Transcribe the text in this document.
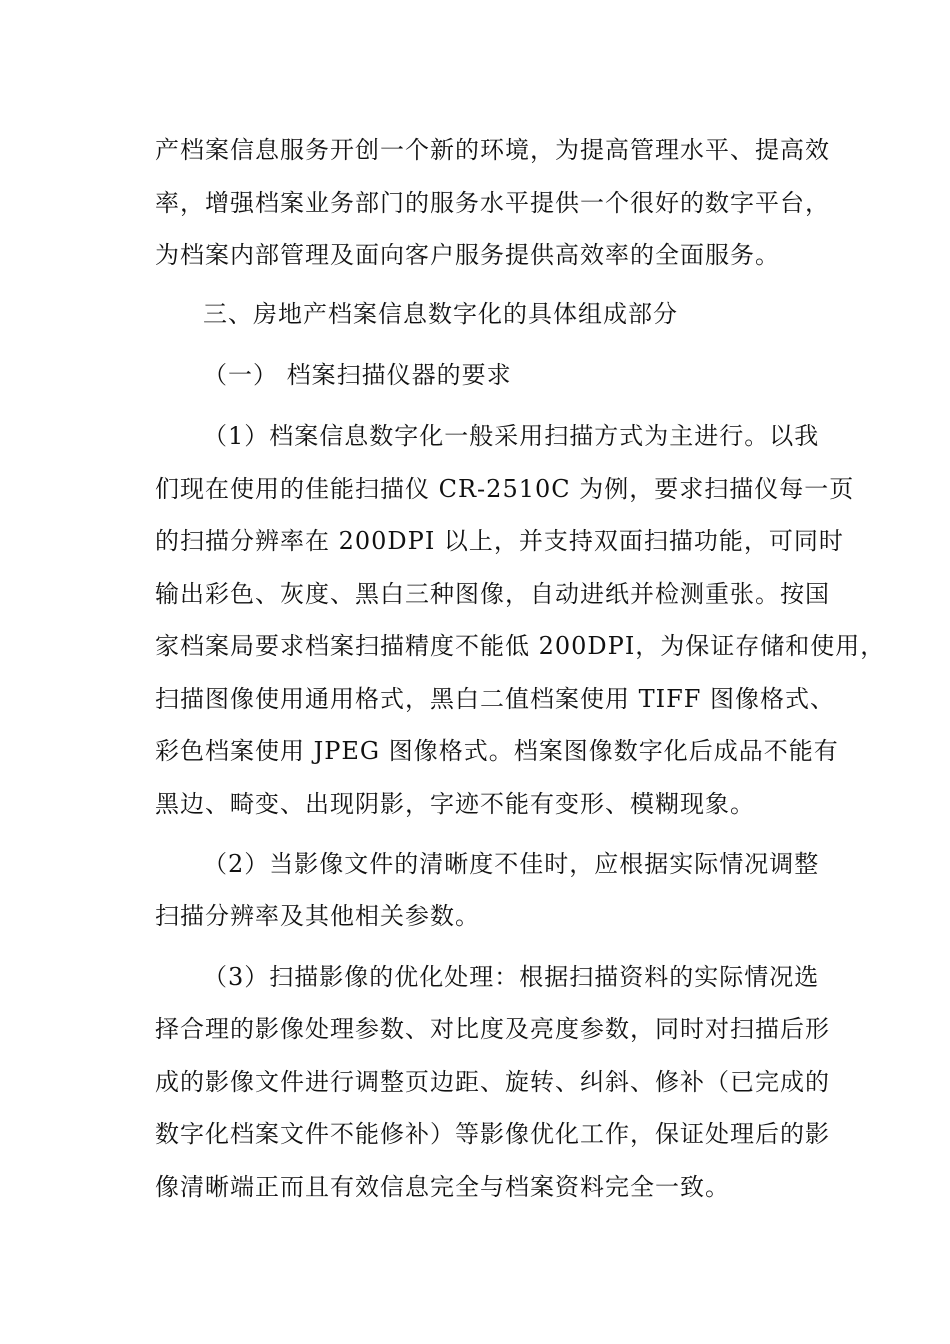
产档案信息服务开创一个新的环境，为提高管理水平、提高效

率，增强档案业务部门的服务水平提供一个很好的数字平台，

为档案内部管理及面向客户服务提供高效率的全面服务。

三、房地产档案信息数字化的具体组成部分

（一） 档案扫描仪器的要求

（1）档案信息数字化一般采用扫描方式为主进行。以我

们现在使用的佳能扫描仪 CR-2510C 为例，要求扫描仪每一页

的扫描分辨率在 200DPI 以上，并支持双面扫描功能，可同时

输出彩色、灰度、黑白三种图像，自动进纸并检测重张。按国

家档案局要求档案扫描精度不能低 200DPI，为保证存储和使用，

扫描图像使用通用格式，黑白二值档案使用 TIFF 图像格式、

彩色档案使用 JPEG 图像格式。档案图像数字化后成品不能有

黑边、畸变、出现阴影，字迹不能有变形、模糊现象。

（2）当影像文件的清晰度不佳时，应根据实际情况调整

扫描分辨率及其他相关参数。

（3）扫描影像的优化处理：根据扫描资料的实际情况选

择合理的影像处理参数、对比度及亮度参数，同时对扫描后形

成的影像文件进行调整页边距、旋转、纠斜、修补（已完成的

数字化档案文件不能修补）等影像优化工作，保证处理后的影

像清晰端正而且有效信息完全与档案资料完全一致。
